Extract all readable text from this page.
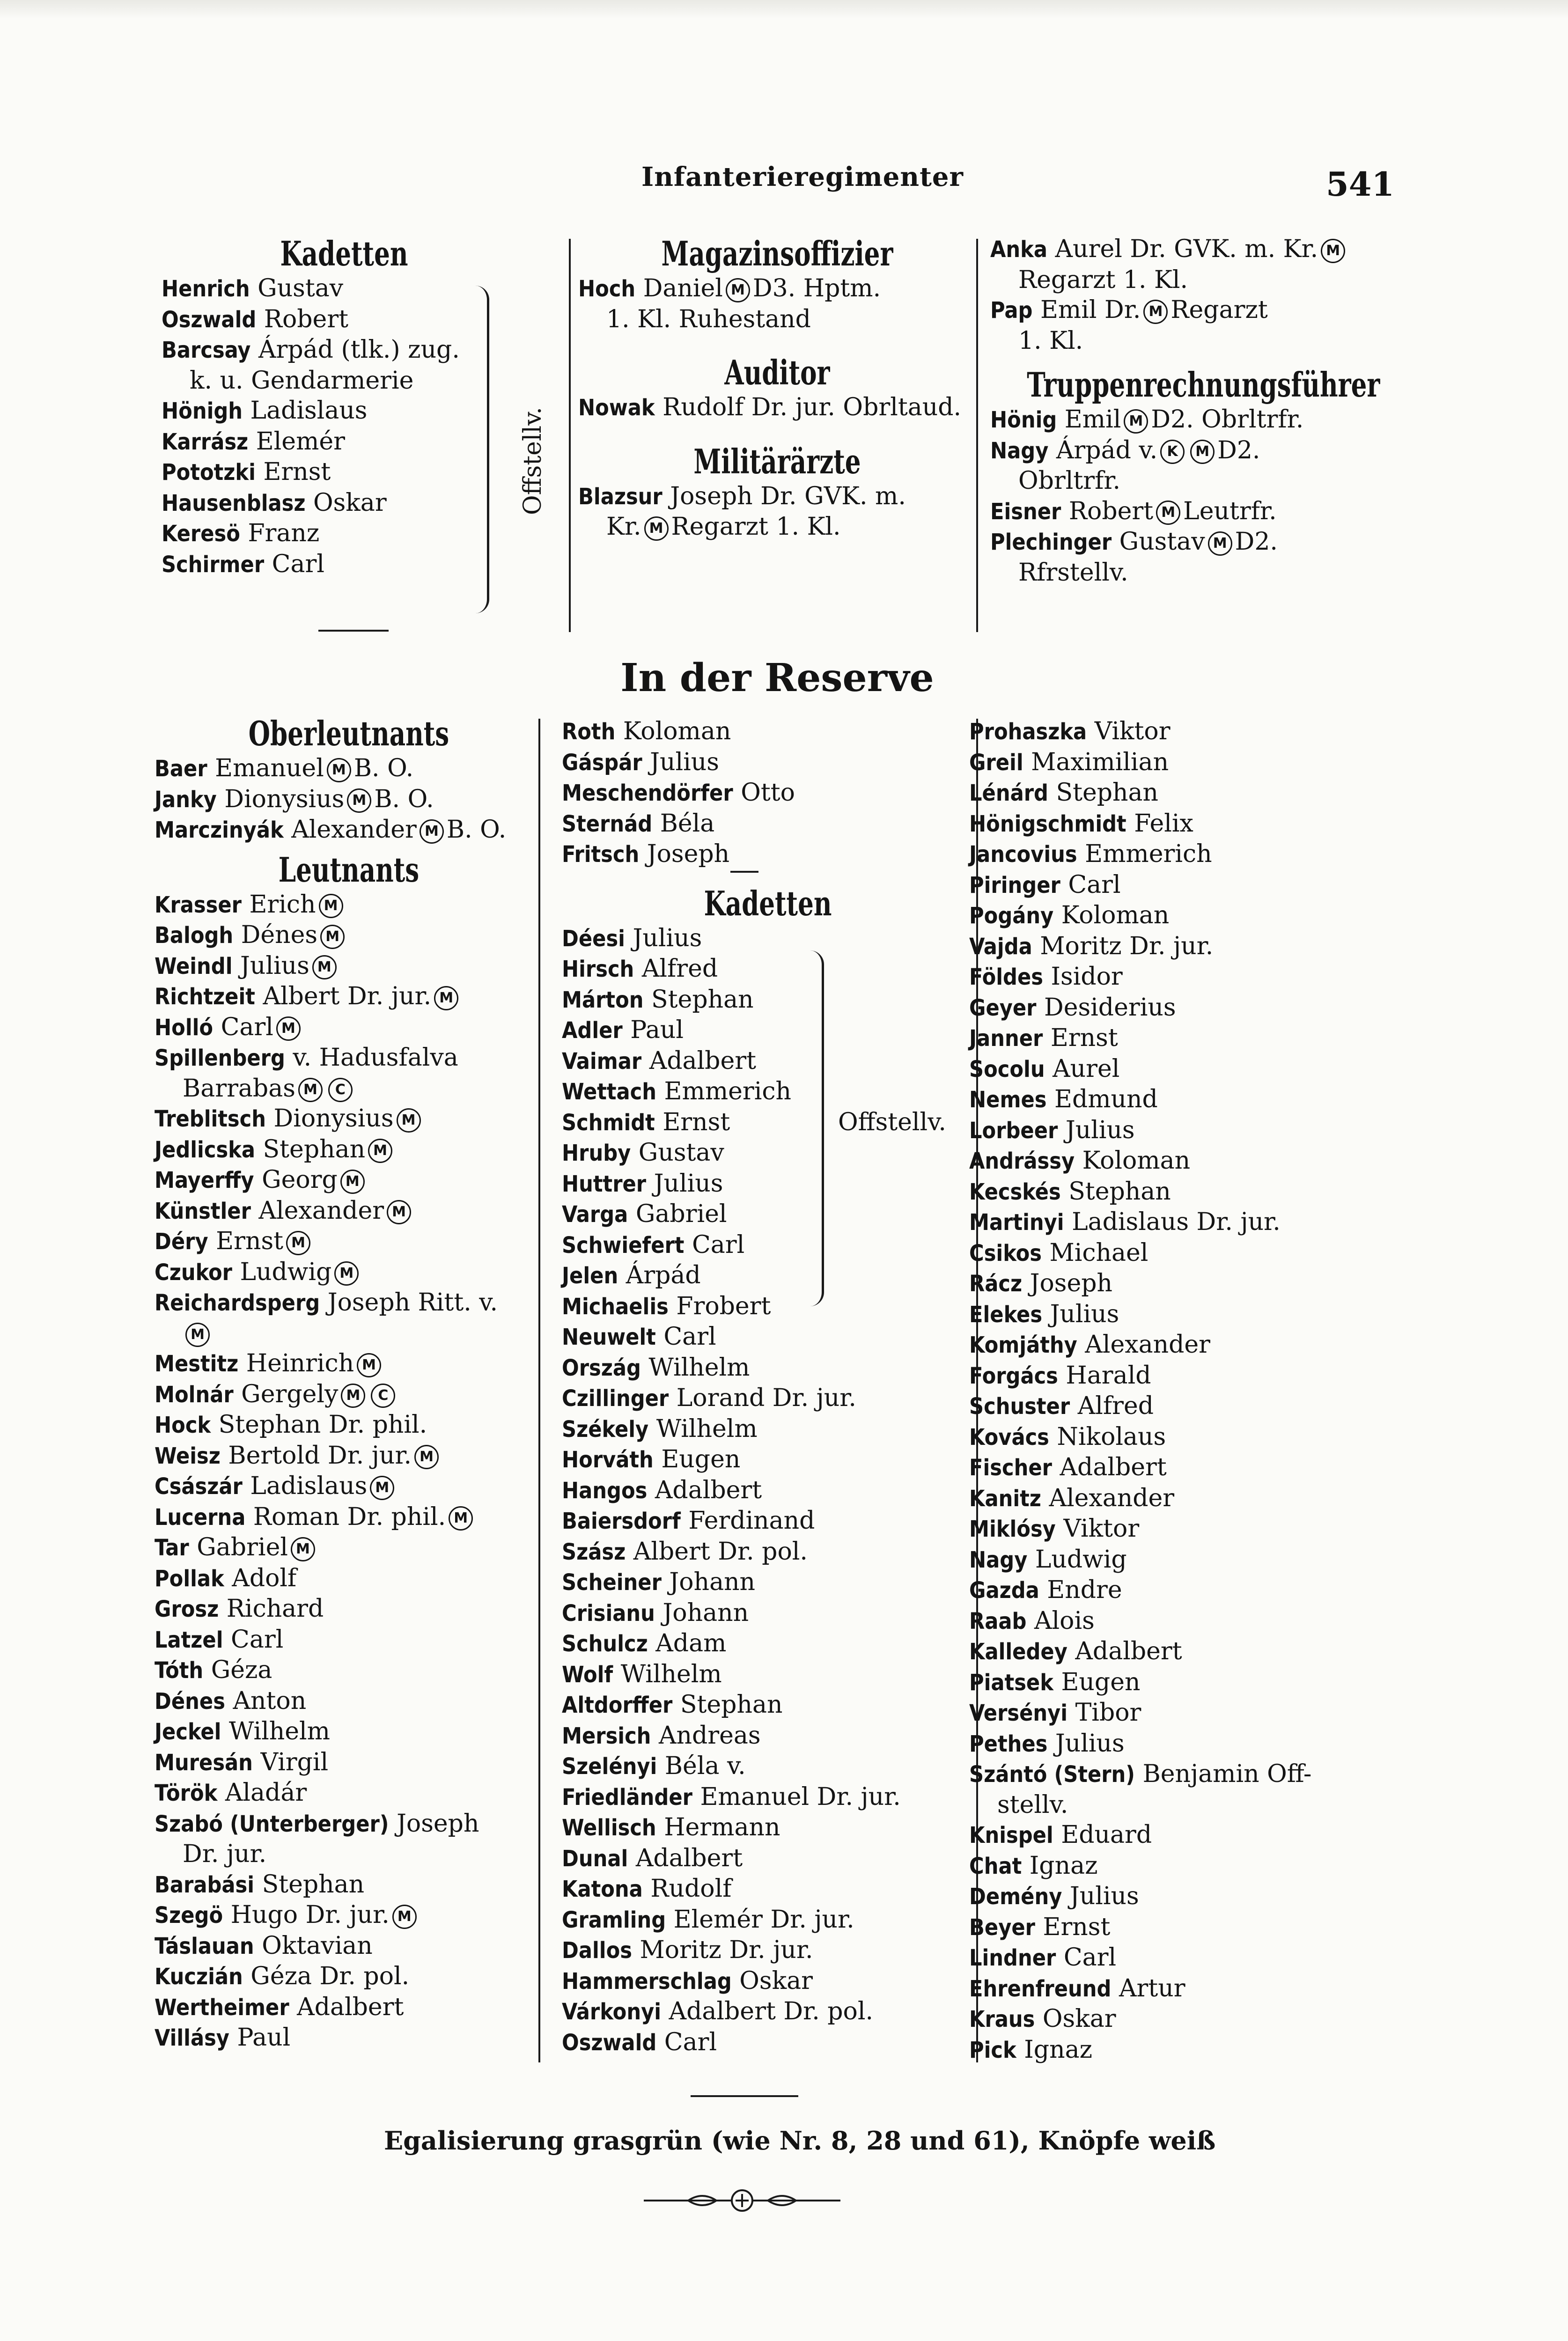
Infanterieregimenter	541
Kadetten
Henrich Gustav
Oszwald Robert
Barcsay Árpád (tlk.) zug.
k. u. Gendarmerie
Hönigh Ladislaus
Karrász Elemér
Pototzki Ernst
Hausenblasz Oskar
Keresö Franz
Schirmer Carl
Offstellv.
Magazinsoffizier
Hoch Daniel M D3. Hptm.
1. Kl. Ruhestand
Auditor
Nowak Rudolf Dr. jur. Obrltaud.
Militärärzte
Blazsur Joseph Dr. GVK. m.
Kr. M Regarzt 1. Kl.
Anka Aurel Dr. GVK. m. Kr. M
Regarzt 1. Kl.
Pap Emil Dr. M Regarzt
1. Kl.
Truppenrechnungsführer
Hönig Emil M D2. Obrltrfr.
Nagy Árpád v. K M D2.
Obrltrfr.
Eisner Robert M Leutrfr.
Plechinger Gustav M D2.
Rfrstellv.
In der Reserve
Oberleutnants
Baer Emanuel M B. O.
Janky Dionysius M B. O.
Marczinyák Alexander M B. O.
Leutnants
Krasser Erich M
Balogh Dénes M
Weindl Julius M
Richtzeit Albert Dr. jur. M
Holló Carl M
Spillenberg v. Hadusfalva
Barrabas M C
Treblitsch Dionysius M
Jedlicska Stephan M
Mayerffy Georg M
Künstler Alexander M
Déry Ernst M
Czukor Ludwig M
Reichardsperg Joseph Ritt. v.
M
Mestitz Heinrich M
Molnár Gergely M C
Hock Stephan Dr. phil.
Weisz Bertold Dr. jur. M
Császár Ladislaus M
Lucerna Roman Dr. phil. M
Tar Gabriel M
Pollak Adolf
Grosz Richard
Latzel Carl
Tóth Géza
Dénes Anton
Jeckel Wilhelm
Muresán Virgil
Török Aladár
Szabó (Unterberger) Joseph
Dr. jur.
Barabási Stephan
Szegö Hugo Dr. jur. M
Táslauan Oktavian
Kuczián Géza Dr. pol.
Wertheimer Adalbert
Villásy Paul
Roth Koloman
Gáspár Julius
Meschendörfer Otto
Sternád Béla
Fritsch Joseph
Kadetten
Déesi Julius
Hirsch Alfred
Márton Stephan
Adler Paul
Vaimar Adalbert
Wettach Emmerich
Schmidt Ernst
Hruby Gustav
Huttrer Julius
Varga Gabriel
Schwiefert Carl
Jelen Árpád
Michaelis Frobert
Neuwelt Carl
Ország Wilhelm
Czillinger Lorand Dr. jur.
Székely Wilhelm
Horváth Eugen
Hangos Adalbert
Baiersdorf Ferdinand
Szász Albert Dr. pol.
Scheiner Johann
Crisianu Johann
Schulcz Adam
Wolf Wilhelm
Altdorffer Stephan
Mersich Andreas
Szelényi Béla v.
Friedländer Emanuel Dr. jur.
Wellisch Hermann
Dunal Adalbert
Katona Rudolf
Gramling Elemér Dr. jur.
Dallos Moritz Dr. jur.
Hammerschlag Oskar
Várkonyi Adalbert Dr. pol.
Oszwald Carl
Offstellv.
Prohaszka Viktor
Greil Maximilian
Lénárd Stephan
Hönigschmidt Felix
Jancovius Emmerich
Piringer Carl
Pogány Koloman
Vajda Moritz Dr. jur.
Földes Isidor
Geyer Desiderius
Janner Ernst
Socolu Aurel
Nemes Edmund
Lorbeer Julius
Andrássy Koloman
Kecskés Stephan
Martinyi Ladislaus Dr. jur.
Csikos Michael
Rácz Joseph
Elekes Julius
Komjáthy Alexander
Forgács Harald
Schuster Alfred
Kovács Nikolaus
Fischer Adalbert
Kanitz Alexander
Miklósy Viktor
Nagy Ludwig
Gazda Endre
Raab Alois
Kalledey Adalbert
Piatsek Eugen
Versényi Tibor
Pethes Julius
Szántó (Stern) Benjamin Off-
stellv.
Knispel Eduard
Chat Ignaz
Demény Julius
Beyer Ernst
Lindner Carl
Ehrenfreund Artur
Kraus Oskar
Pick Ignaz
Egalisierung grasgrün (wie Nr. 8, 28 und 61), Knöpfe weiß
